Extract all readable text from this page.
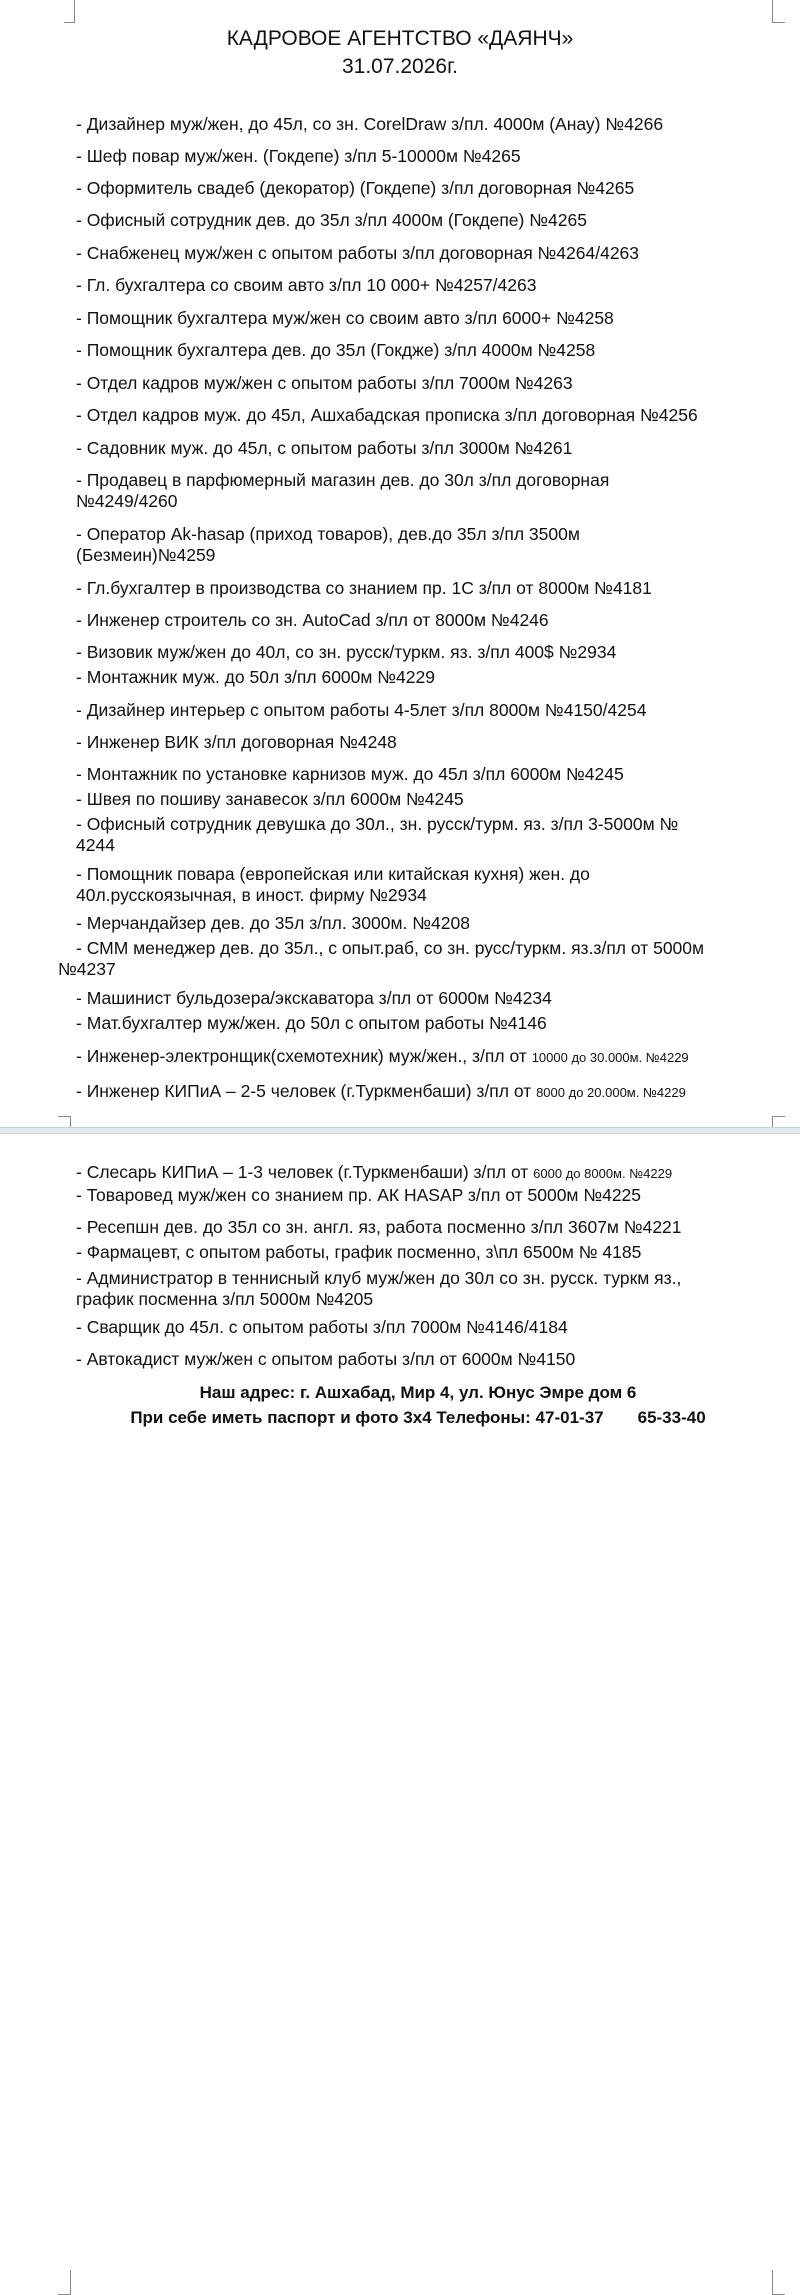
КАДРОВОЕ АГЕНТСТВО «ДАЯНЧ»
31.07.2026г.
- Дизайнер муж/жен, до 45л, со зн. CorelDraw з/пл. 4000м (Анау) №4266
- Шеф повар муж/жен. (Гокдепе) з/пл 5-10000м №4265
- Оформитель свадеб (декоратор) (Гокдепе) з/пл договорная №4265
- Офисный сотрудник дев. до 35л з/пл 4000м (Гокдепе) №4265
- Снабженец муж/жен с опытом работы з/пл договорная №4264/4263
- Гл. бухгалтера со своим авто з/пл 10 000+ №4257/4263
- Помощник бухгалтера муж/жен со своим авто з/пл 6000+ №4258
- Помощник бухгалтера дев. до 35л (Гокдже) з/пл 4000м №4258
- Отдел кадров муж/жен с опытом работы з/пл 7000м №4263
- Отдел кадров муж. до 45л, Ашхабадская прописка з/пл договорная №4256
- Садовник муж. до 45л, с опытом работы з/пл 3000м №4261
- Продавец в парфюмерный магазин дев. до 30л з/пл договорная
№4249/4260
- Оператор Ak-hasap (приход товаров), дев.до 35л з/пл 3500м
(Безмеин)№4259
- Гл.бухгалтер в производства со знанием пр. 1С з/пл от 8000м №4181
- Инженер строитель со зн. AutoCad з/пл от 8000м №4246
- Визовик муж/жен до 40л, со зн. русск/туркм. яз. з/пл 400$ №2934
- Монтажник муж. до 50л з/пл 6000м №4229
- Дизайнер интерьер с опытом работы 4-5лет з/пл 8000м №4150/4254
- Инженер ВИК з/пл договорная №4248
- Монтажник по установке карнизов муж. до 45л з/пл 6000м №4245
- Швея по пошиву занавесок з/пл 6000м №4245
- Офисный сотрудник девушка до 30л., зн. русск/турм. яз. з/пл 3-5000м №
4244
- Помощник повара (европейская или китайская кухня) жен. до
40л.русскоязычная, в иност. фирму №2934
- Мерчандайзер дев. до 35л з/пл. 3000м. №4208
- СММ менеджер дев. до 35л., с опыт.раб, со зн. русс/туркм. яз.з/пл от 5000м
№4237
- Машинист бульдозера/экскаватора з/пл от 6000м №4234
- Мат.бухгалтер муж/жен. до 50л с опытом работы №4146
- Инженер-электронщик(схемотехник) муж/жен., з/пл от 10000 до 30.000м. №4229
- Инженер КИПиА – 2-5 человек (г.Туркменбаши) з/пл от 8000 до 20.000м. №4229
- Слесарь КИПиА – 1-3 человек (г.Туркменбаши) з/пл от 6000 до 8000м. №4229
- Товаровед муж/жен со знанием пр. АК HASAP з/пл от 5000м №4225
- Ресепшн дев. до 35л со зн. англ. яз, работа посменно з/пл 3607м №4221
- Фармацевт, с опытом работы, график посменно, з\пл 6500м № 4185
- Администратор в теннисный клуб муж/жен до 30л со зн. русск. туркм яз.,
график посменна з/пл 5000м №4205
- Сварщик до 45л. с опытом работы з/пл 7000м №4146/4184
- Автокадист муж/жен с опытом работы з/пл от 6000м №4150
Наш адрес: г. Ашхабад, Мир 4, ул. Юнус Эмре дом 6
При себе иметь паспорт и фото 3х4 Телефоны: 47-01-37 65-33-40
